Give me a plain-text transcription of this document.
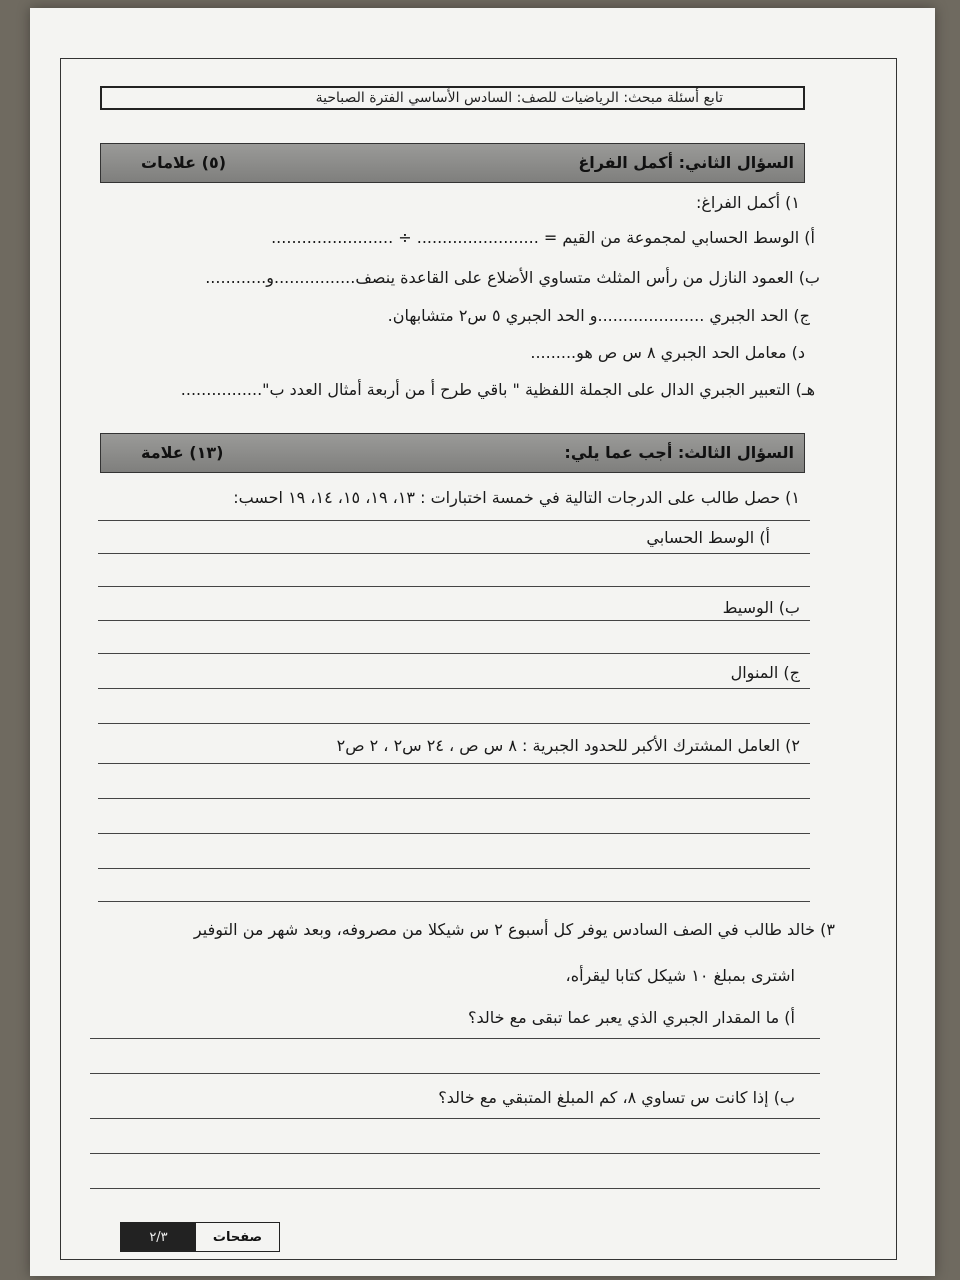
تابع أسئلة مبحث: الرياضيات للصف: السادس الأساسي الفترة الصباحية
السؤال الثاني: أكمل الفراغ
(٥) علامات
١) أكمل الفراغ:
أ) الوسط الحسابي لمجموعة من القيم = ........................ ÷ ........................
ب) العمود النازل من رأس المثلث متساوي الأضلاع على القاعدة ينصف................و............
ج) الحد الجبري .....................و الحد الجبري ٥ س٢ متشابهان.
د) معامل الحد الجبري ٨ س ص هو.........
هـ) التعبير الجبري الدال على الجملة اللفظية " باقي طرح أ من أربعة أمثال العدد ب"................
السؤال الثالث: أجب عما يلي:
(١٣) علامة
١) حصل طالب على الدرجات التالية في خمسة اختبارات : ١٣، ١٩، ١٥، ١٤، ١٩ احسب:
أ) الوسط الحسابي
ب) الوسيط
ج) المنوال
٢) العامل المشترك الأكبر للحدود الجبرية : ٨ س ص ، ٢٤ س٢ ، ٢ ص٢
٣) خالد طالب في الصف السادس يوفر كل أسبوع ٢ س شيكلا من مصروفه، وبعد شهر من التوفير
اشترى بمبلغ ١٠ شيكل كتابا ليقرأه،
أ) ما المقدار الجبري الذي يعبر عما تبقى مع خالد؟
ب) إذا كانت س تساوي ٨، كم المبلغ المتبقي مع خالد؟
٢/٣	صفحات
